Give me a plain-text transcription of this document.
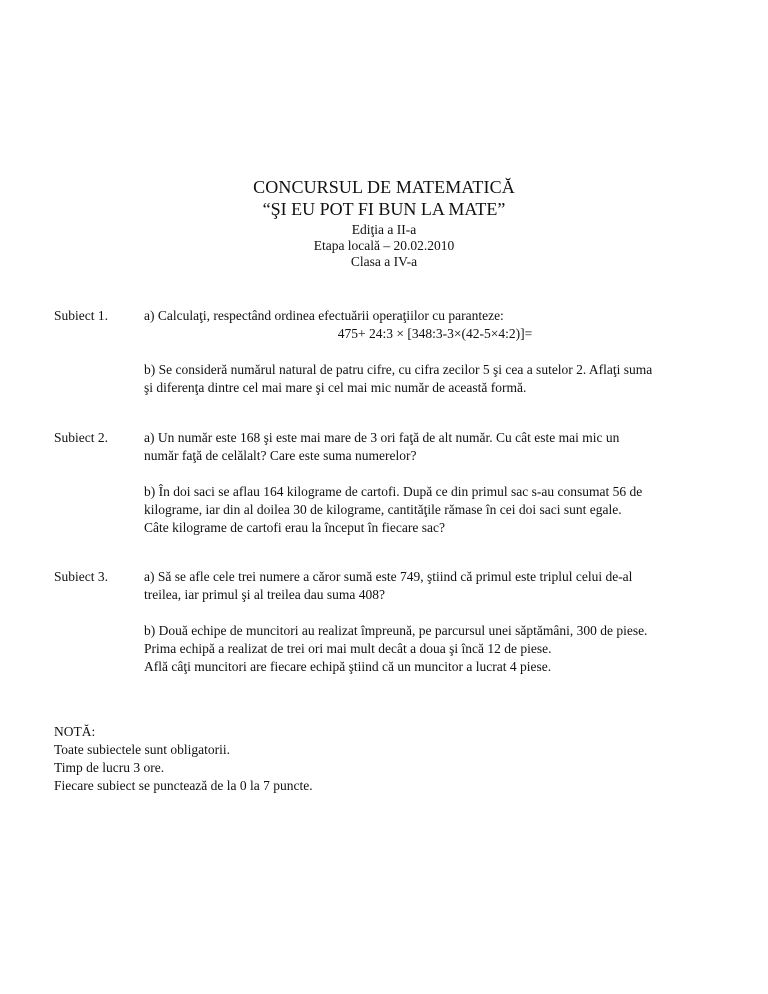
CONCURSUL DE MATEMATICĂ
“ŞI EU POT FI BUN LA MATE”
Ediţia a II-a
Etapa locală – 20.02.2010
Clasa a IV-a
Subiect 1.	a) Calculaţi, respectând ordinea efectuării operaţiilor cu paranteze:
475+ 24:3 × [348:3-3×(42-5×4:2)]=
b) Se consideră numărul natural de patru cifre, cu cifra zecilor 5 şi cea a sutelor 2. Aflaţi suma
şi diferenţa dintre cel mai mare şi cel mai mic număr de această formă.
Subiect 2.	a) Un număr este 168 şi este mai mare de 3 ori faţă de alt număr. Cu cât este mai mic un
număr faţă de celălalt? Care este suma numerelor?
b) În doi saci se aflau 164 kilograme de cartofi. După ce din primul sac s-au consumat 56 de
kilograme, iar din al doilea 30 de kilograme, cantităţile rămase în cei doi saci sunt egale.
Câte kilograme de cartofi erau la început în fiecare sac?
Subiect 3.	a) Să se afle cele trei numere a căror sumă este 749, ştiind că primul este triplul celui de-al
treilea, iar primul şi al treilea dau suma 408?
b) Două echipe de muncitori au realizat împreună, pe parcursul unei săptămâni, 300 de piese.
Prima echipă a realizat de trei ori mai mult decât a doua şi încă 12 de piese.
Află câţi muncitori are fiecare echipă ştiind că un muncitor a lucrat 4 piese.
NOTĂ:
Toate subiectele sunt obligatorii.
Timp de lucru 3 ore.
Fiecare subiect se punctează de la 0 la 7 puncte.
